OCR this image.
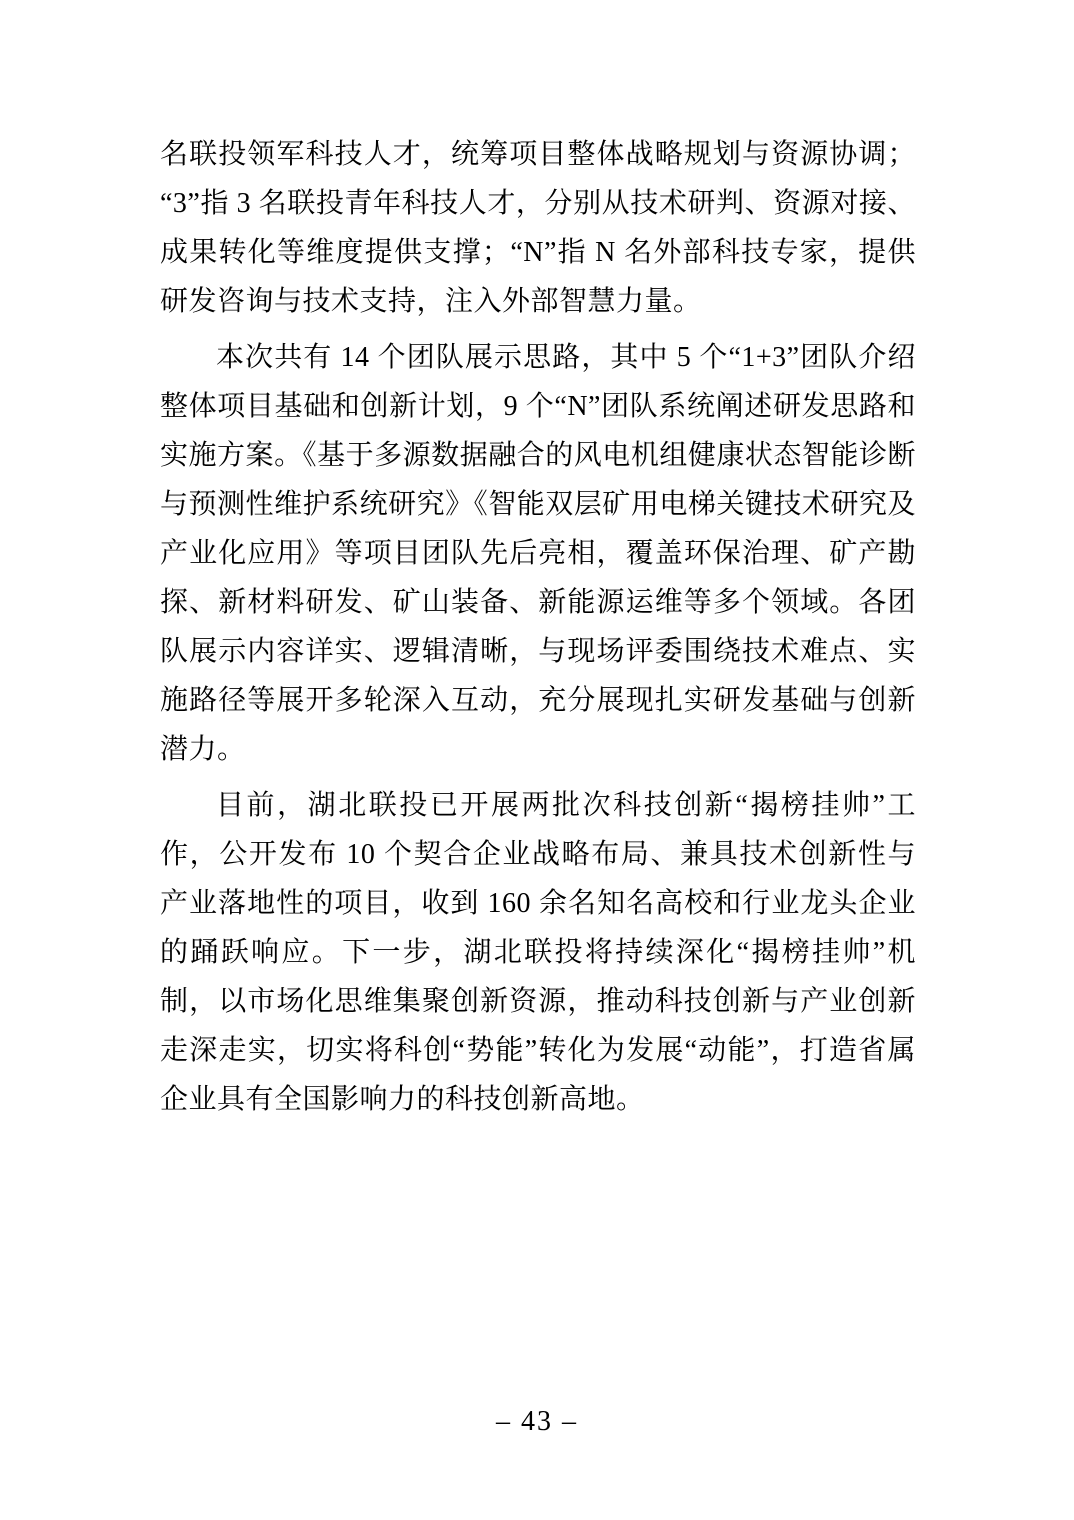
名联投领军科技人才，统筹项目整体战略规划与资源协调；“3”指 3 名联投青年科技人才，分别从技术研判、资源对接、成果转化等维度提供支撑；“N”指 N 名外部科技专家，提供研发咨询与技术支持，注入外部智慧力量。

本次共有 14 个团队展示思路，其中 5 个“1+3”团队介绍整体项目基础和创新计划，9 个“N”团队系统阐述研发思路和实施方案。《基于多源数据融合的风电机组健康状态智能诊断与预测性维护系统研究》《智能双层矿用电梯关键技术研究及产业化应用》等项目团队先后亮相，覆盖环保治理、矿产勘探、新材料研发、矿山装备、新能源运维等多个领域。各团队展示内容详实、逻辑清晰，与现场评委围绕技术难点、实施路径等展开多轮深入互动，充分展现扎实研发基础与创新潜力。

目前，湖北联投已开展两批次科技创新“揭榜挂帅”工作，公开发布 10 个契合企业战略布局、兼具技术创新性与产业落地性的项目，收到 160 余名知名高校和行业龙头企业的踊跃响应。下一步，湖北联投将持续深化“揭榜挂帅”机制，以市场化思维集聚创新资源，推动科技创新与产业创新走深走实，切实将科创“势能”转化为发展“动能”，打造省属企业具有全国影响力的科技创新高地。

– 43 –
